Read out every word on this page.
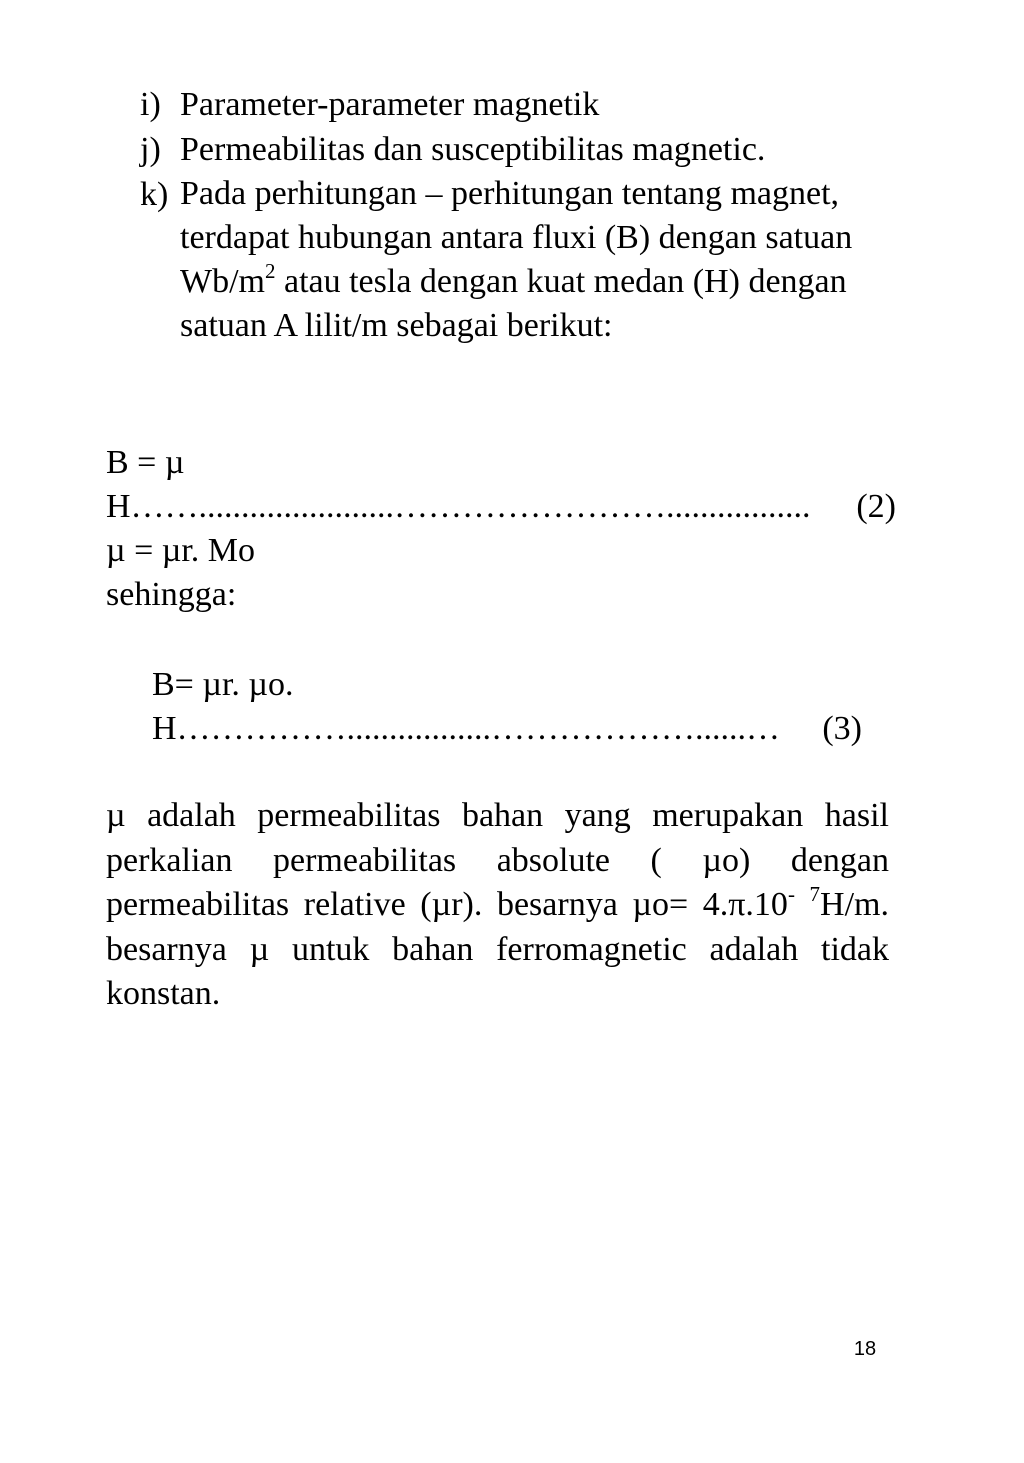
i) Parameter-parameter magnetik
j) Permeabilitas dan susceptibilitas magnetic.
k) Pada perhitungan – perhitungan tentang magnet, terdapat hubungan antara fluxi (B) dengan satuan $Wb/m^2$ atau tesla dengan kuat medan (H) dengan satuan A lilit/m sebagai berikut:
B = µ
H…….......................……………………................. (2)
µ = µr. Mo
sehingga:
B= µr. µo.
H…………….................………………......… (3)

µ adalah permeabilitas bahan yang merupakan hasil perkalian permeabilitas absolute ( µo) dengan permeabilitas relative (µr). besarnya µo= 4.π.10- $^7$H/m. besarnya µ untuk bahan ferromagnetic adalah tidak konstan.

18
